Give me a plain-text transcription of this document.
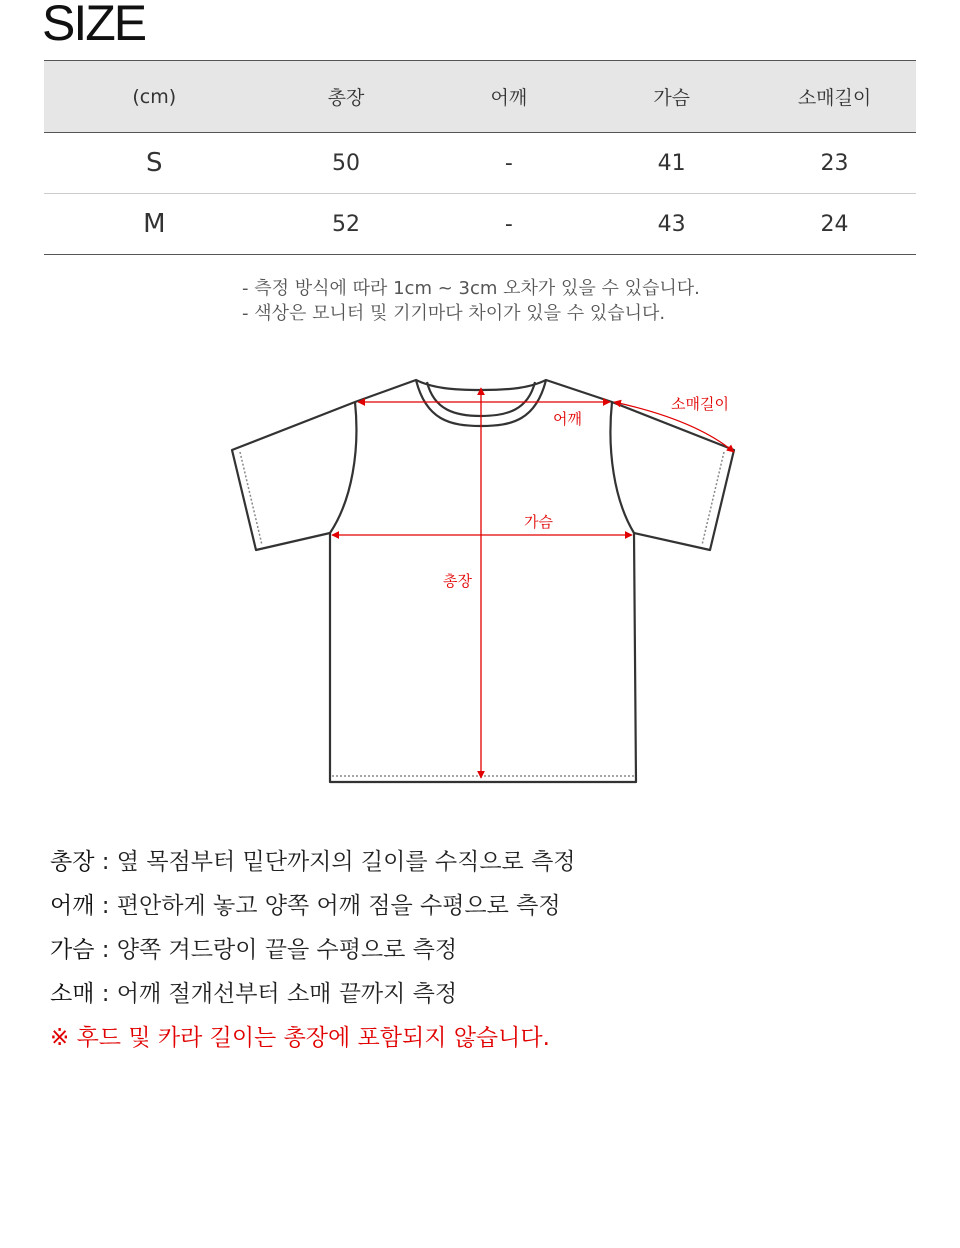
SIZE
(cm)	총장	어깨	가슴	소매길이
S	50	-	41	23
M	52	-	43	24
- 측정 방식에 따라 1cm ~ 3cm 오차가 있을 수 있습니다.
- 색상은 모니터 및 기기마다 차이가 있을 수 있습니다.
소매길이
어깨
가슴
총장
총장 : 옆 목점부터 밑단까지의 길이를 수직으로 측정
어깨 : 편안하게 놓고 양쪽 어깨 점을 수평으로 측정
가슴 : 양쪽 겨드랑이 끝을 수평으로 측정
소매 : 어깨 절개선부터 소매 끝까지 측정
※ 후드 및 카라 길이는 총장에 포함되지 않습니다.
